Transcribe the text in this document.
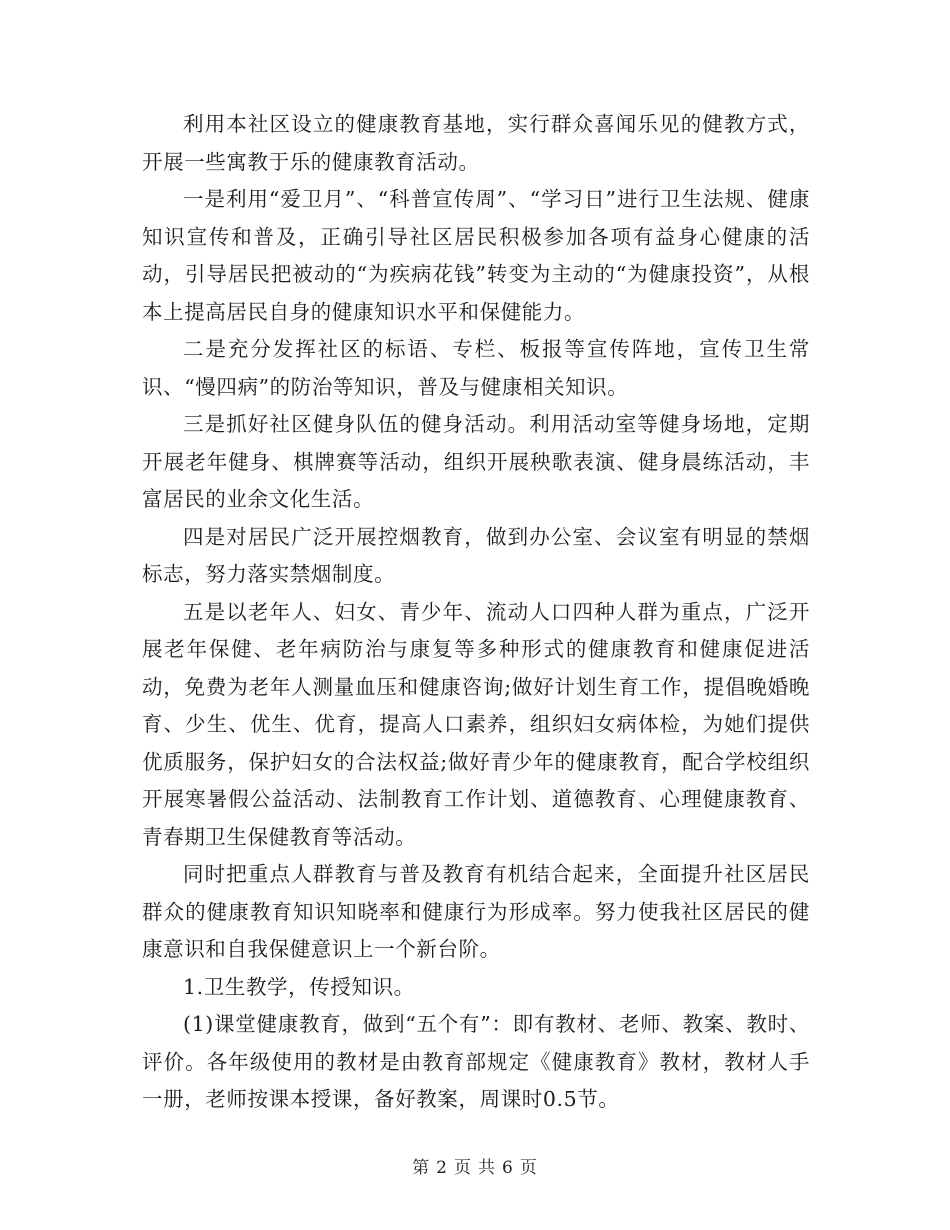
利用本社区设立的健康教育基地，实行群众喜闻乐见的健教方式，开展一些寓教于乐的健康教育活动。

一是利用“爱卫月”、“科普宣传周”、“学习日”进行卫生法规、健康知识宣传和普及，正确引导社区居民积极参加各项有益身心健康的活动，引导居民把被动的“为疾病花钱”转变为主动的“为健康投资”，从根本上提高居民自身的健康知识水平和保健能力。

二是充分发挥社区的标语、专栏、板报等宣传阵地，宣传卫生常识、“慢四病”的防治等知识，普及与健康相关知识。

三是抓好社区健身队伍的健身活动。利用活动室等健身场地，定期开展老年健身、棋牌赛等活动，组织开展秧歌表演、健身晨练活动，丰富居民的业余文化生活。

四是对居民广泛开展控烟教育，做到办公室、会议室有明显的禁烟标志，努力落实禁烟制度。

五是以老年人、妇女、青少年、流动人口四种人群为重点，广泛开展老年保健、老年病防治与康复等多种形式的健康教育和健康促进活动，免费为老年人测量血压和健康咨询;做好计划生育工作，提倡晚婚晚育、少生、优生、优育，提高人口素养，组织妇女病体检，为她们提供优质服务，保护妇女的合法权益;做好青少年的健康教育，配合学校组织开展寒暑假公益活动、法制教育工作计划、道德教育、心理健康教育、青春期卫生保健教育等活动。

同时把重点人群教育与普及教育有机结合起来，全面提升社区居民群众的健康教育知识知晓率和健康行为形成率。努力使我社区居民的健康意识和自我保健意识上一个新台阶。

1.卫生教学，传授知识。

(1)课堂健康教育，做到“五个有”：即有教材、老师、教案、教时、评价。各年级使用的教材是由教育部规定《健康教育》教材，教材人手一册，老师按课本授课，备好教案，周课时0.5节。

第 2 页 共 6 页
